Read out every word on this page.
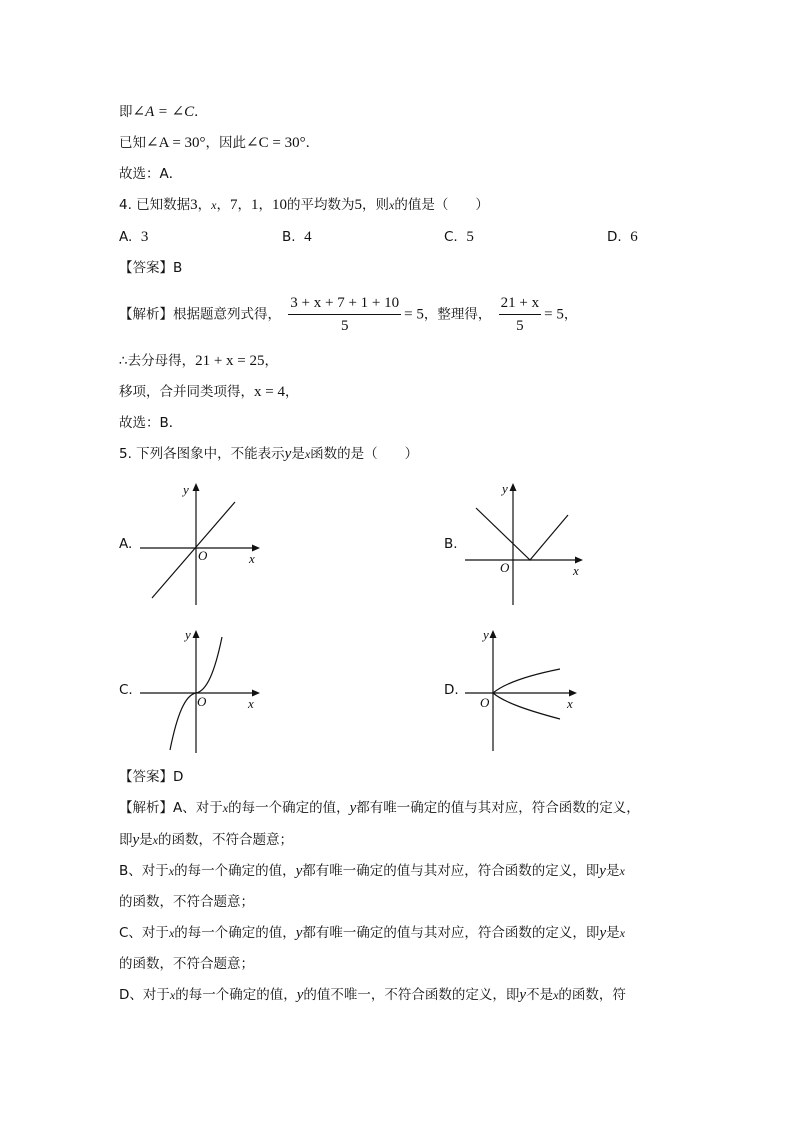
即∠A = ∠C．
已知∠A = 30°，因此∠C = 30°．
故选：A．
4. 已知数据3，x，7，1，10的平均数为5，则x的值是（　　）
A. 3	B. 4	C. 5	D. 6
【答案】B
【解析】根据题意列式得， $\frac{3 + x + 7 + 1 + 10}{5} = 5$，整理得， $\frac{21 + x}{5} = 5$，
∴去分母得，21 + x = 25，
移项，合并同类项得，x = 4，
故选：B．
5. 下列各图象中，不能表示y是x函数的是（　　）
A.
y
x
O
B.
y
x
O
C.
y
x
O
D.
y
x
O
【答案】D
【解析】A、对于x的每一个确定的值，y都有唯一确定的值与其对应，符合函数的定义，
即y是x的函数，不符合题意；
B、对于x的每一个确定的值，y都有唯一确定的值与其对应，符合函数的定义，即y是x
的函数，不符合题意；
C、对于x的每一个确定的值，y都有唯一确定的值与其对应，符合函数的定义，即y是x
的函数，不符合题意；
D、对于x的每一个确定的值，y的值不唯一，不符合函数的定义，即y不是x的函数，符
